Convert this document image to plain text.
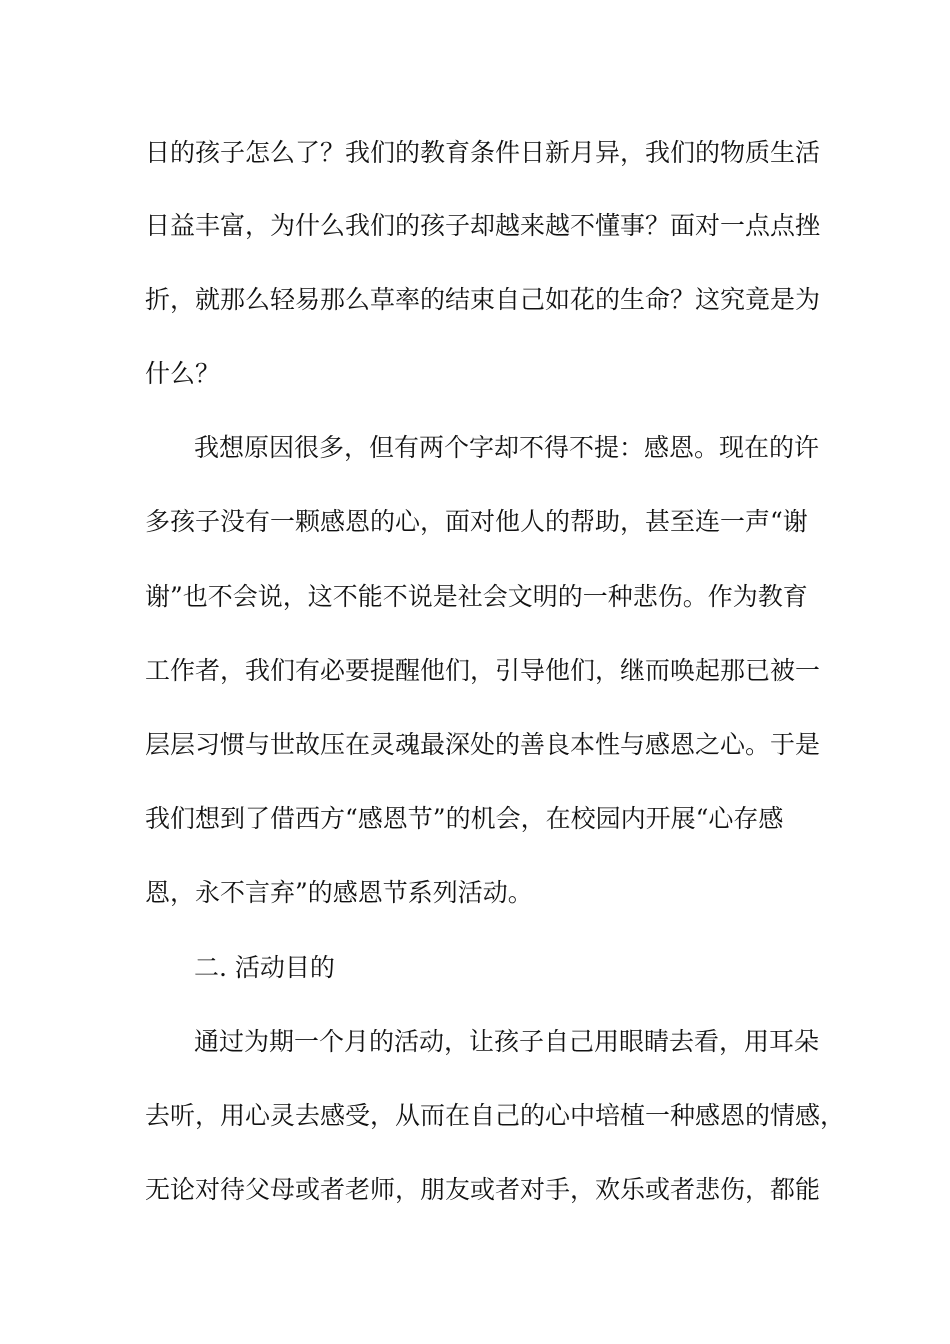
日的孩子怎么了？我们的教育条件日新月异，我们的物质生活
日益丰富，为什么我们的孩子却越来越不懂事？面对一点点挫
折，就那么轻易那么草率的结束自己如花的生命？这究竟是为
什么？
我想原因很多，但有两个字却不得不提：感恩。现在的许
多孩子没有一颗感恩的心，面对他人的帮助，甚至连一声“谢
谢”也不会说，这不能不说是社会文明的一种悲伤。作为教育
工作者，我们有必要提醒他们，引导他们，继而唤起那已被一
层层习惯与世故压在灵魂最深处的善良本性与感恩之心。于是
我们想到了借西方“感恩节”的机会，在校园内开展“心存感
恩，永不言弃”的感恩节系列活动。
二. 活动目的
通过为期一个月的活动，让孩子自己用眼睛去看，用耳朵
去听，用心灵去感受，从而在自己的心中培植一种感恩的情感，
无论对待父母或者老师，朋友或者对手，欢乐或者悲伤，都能
